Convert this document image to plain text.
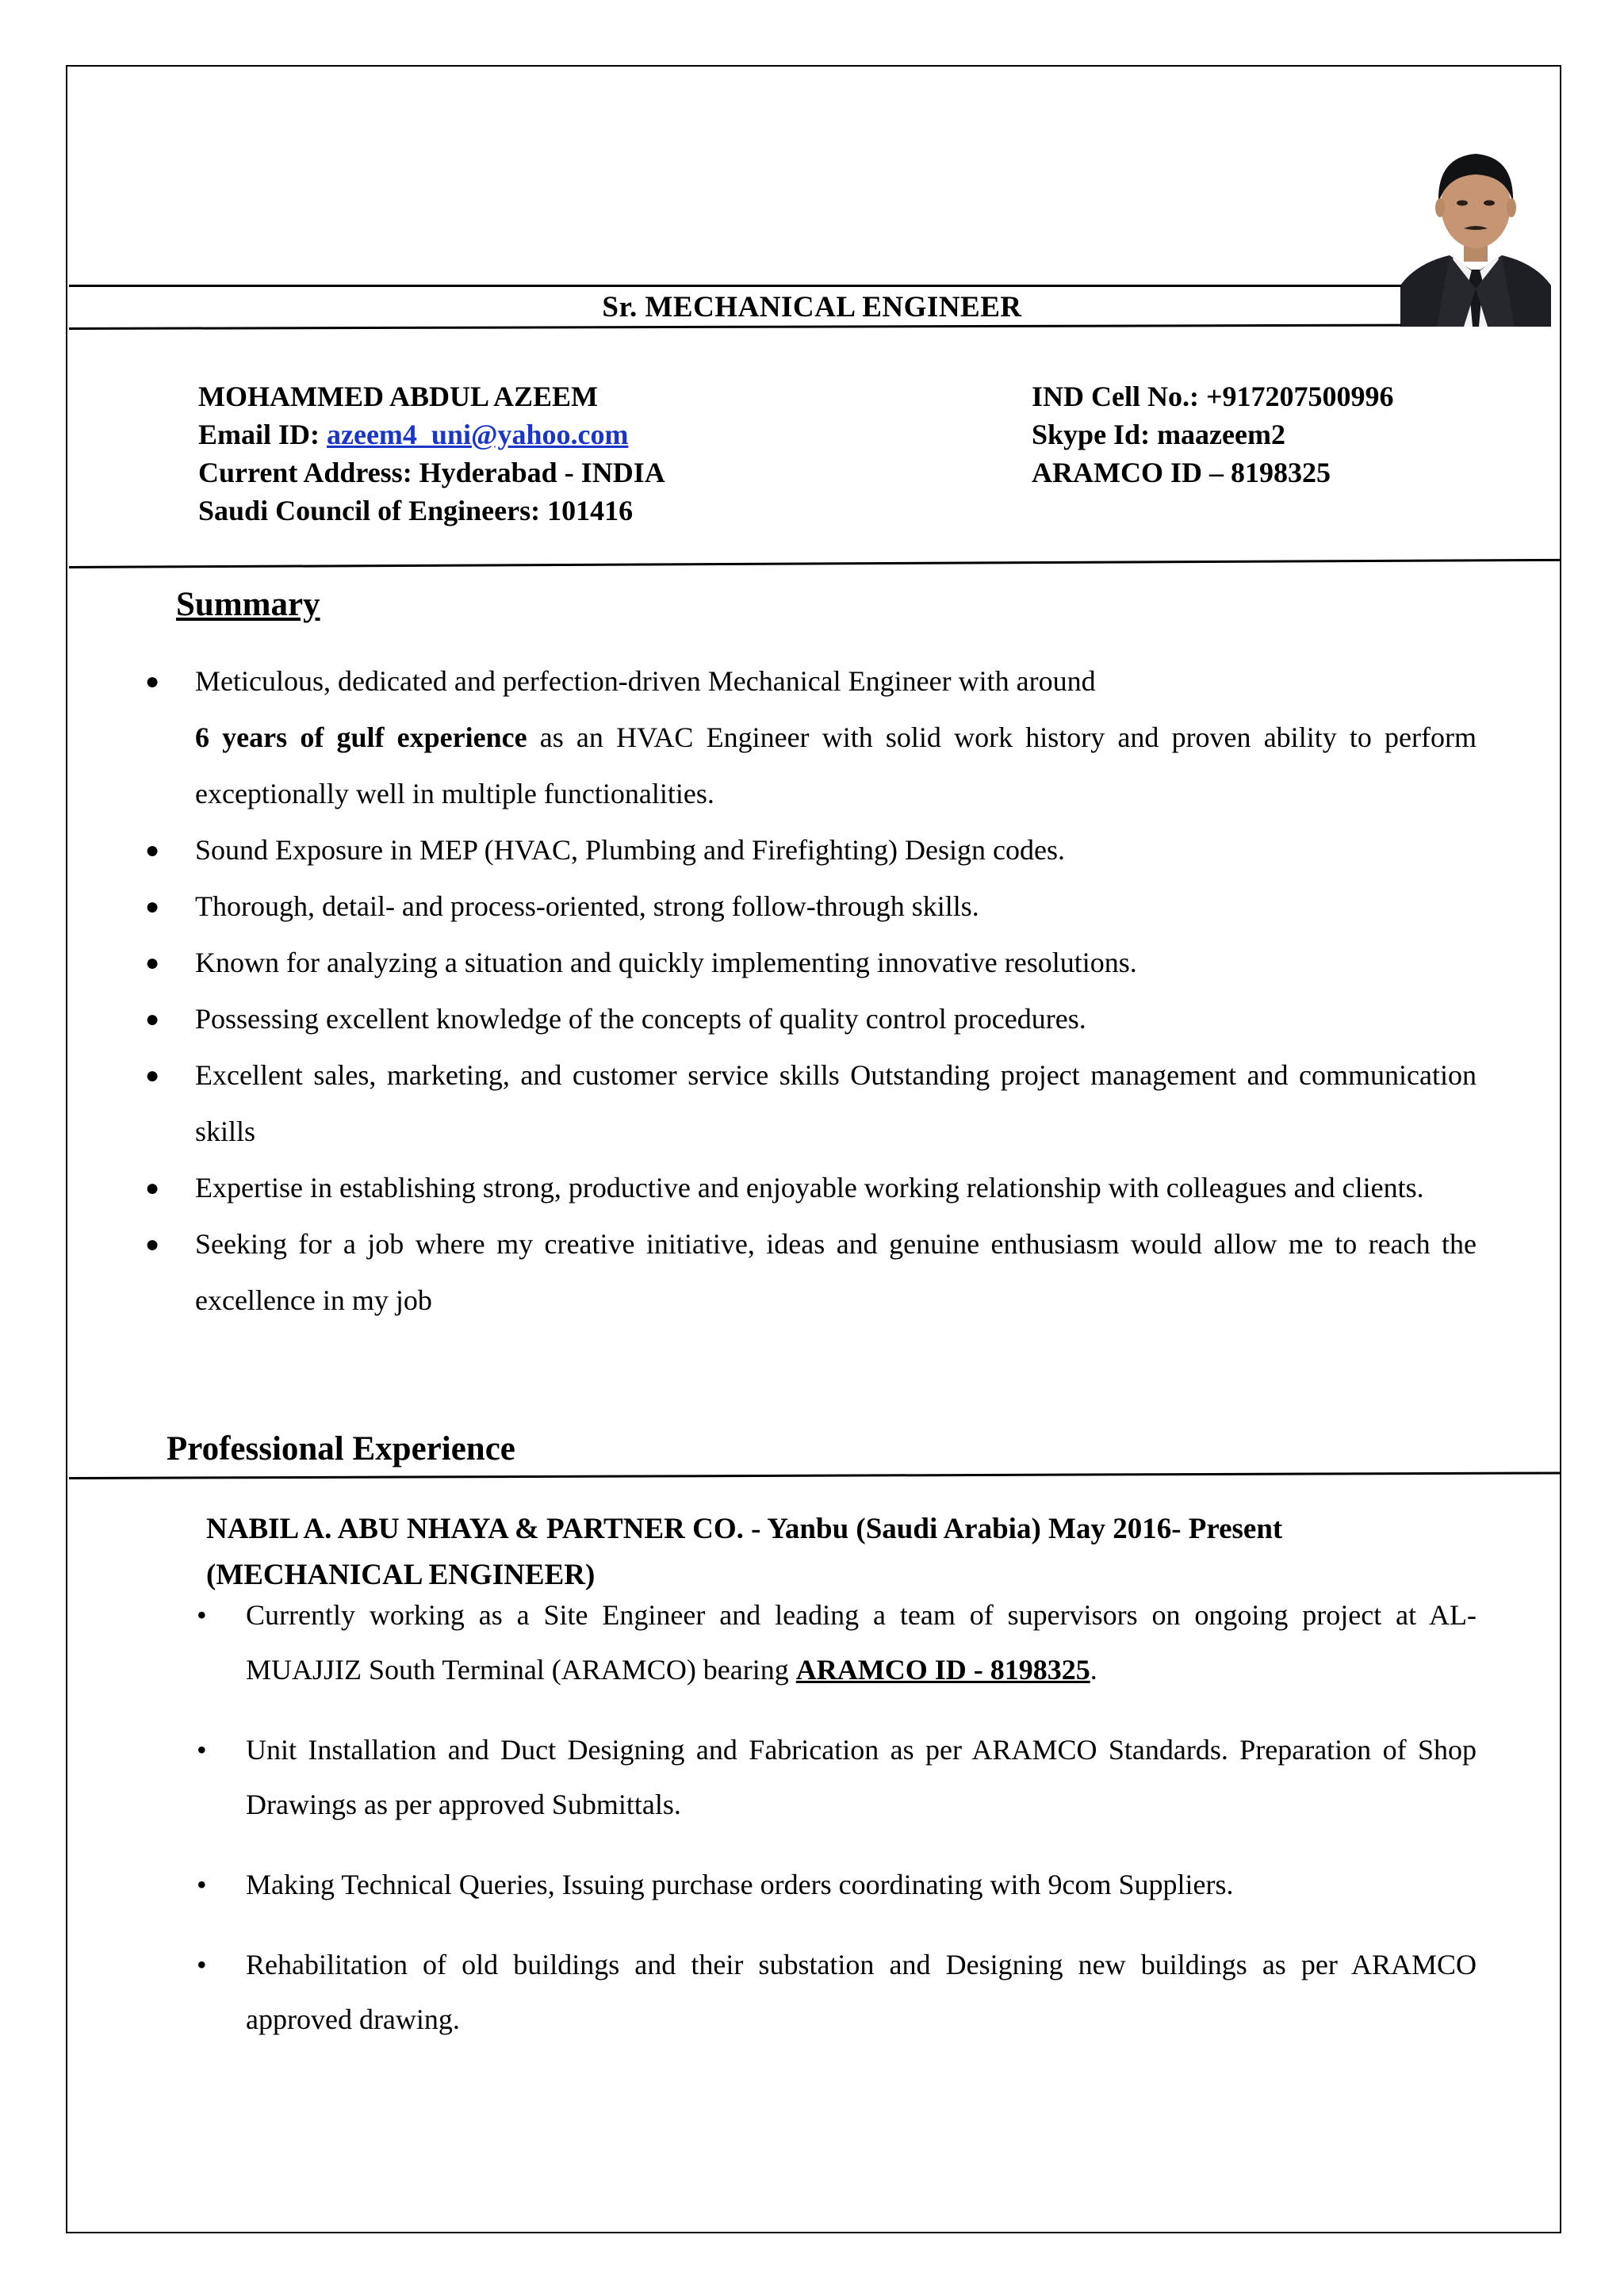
Sr. MECHANICAL ENGINEER
MOHAMMED ABDUL AZEEM
Email ID: azeem4_uni@yahoo.com
Current Address: Hyderabad - INDIA
Saudi Council of Engineers: 101416
IND Cell No.: +917207500996
Skype Id: maazeem2
ARAMCO ID – 8198325
Summary
● Meticulous, dedicated and perfection-driven Mechanical Engineer with around
6 years of gulf experience as an HVAC Engineer with solid work history and proven ability to perform exceptionally well in multiple functionalities.
● Sound Exposure in MEP (HVAC, Plumbing and Firefighting) Design codes.
● Thorough, detail- and process-oriented, strong follow-through skills.
● Known for analyzing a situation and quickly implementing innovative resolutions.
● Possessing excellent knowledge of the concepts of quality control procedures.
● Excellent sales, marketing, and customer service skills Outstanding project management and communication skills
● Expertise in establishing strong, productive and enjoyable working relationship with colleagues and clients.
● Seeking for a job where my creative initiative, ideas and genuine enthusiasm would allow me to reach the excellence in my job
Professional Experience
NABIL A. ABU NHAYA & PARTNER CO. - Yanbu (Saudi Arabia) May 2016- Present
(MECHANICAL ENGINEER)
• Currently working as a Site Engineer and leading a team of supervisors on ongoing project at AL-MUAJJIZ South Terminal (ARAMCO) bearing ARAMCO ID - 8198325.
• Unit Installation and Duct Designing and Fabrication as per ARAMCO Standards. Preparation of Shop Drawings as per approved Submittals.
• Making Technical Queries, Issuing purchase orders coordinating with 9com Suppliers.
• Rehabilitation of old buildings and their substation and Designing new buildings as per ARAMCO approved drawing.
